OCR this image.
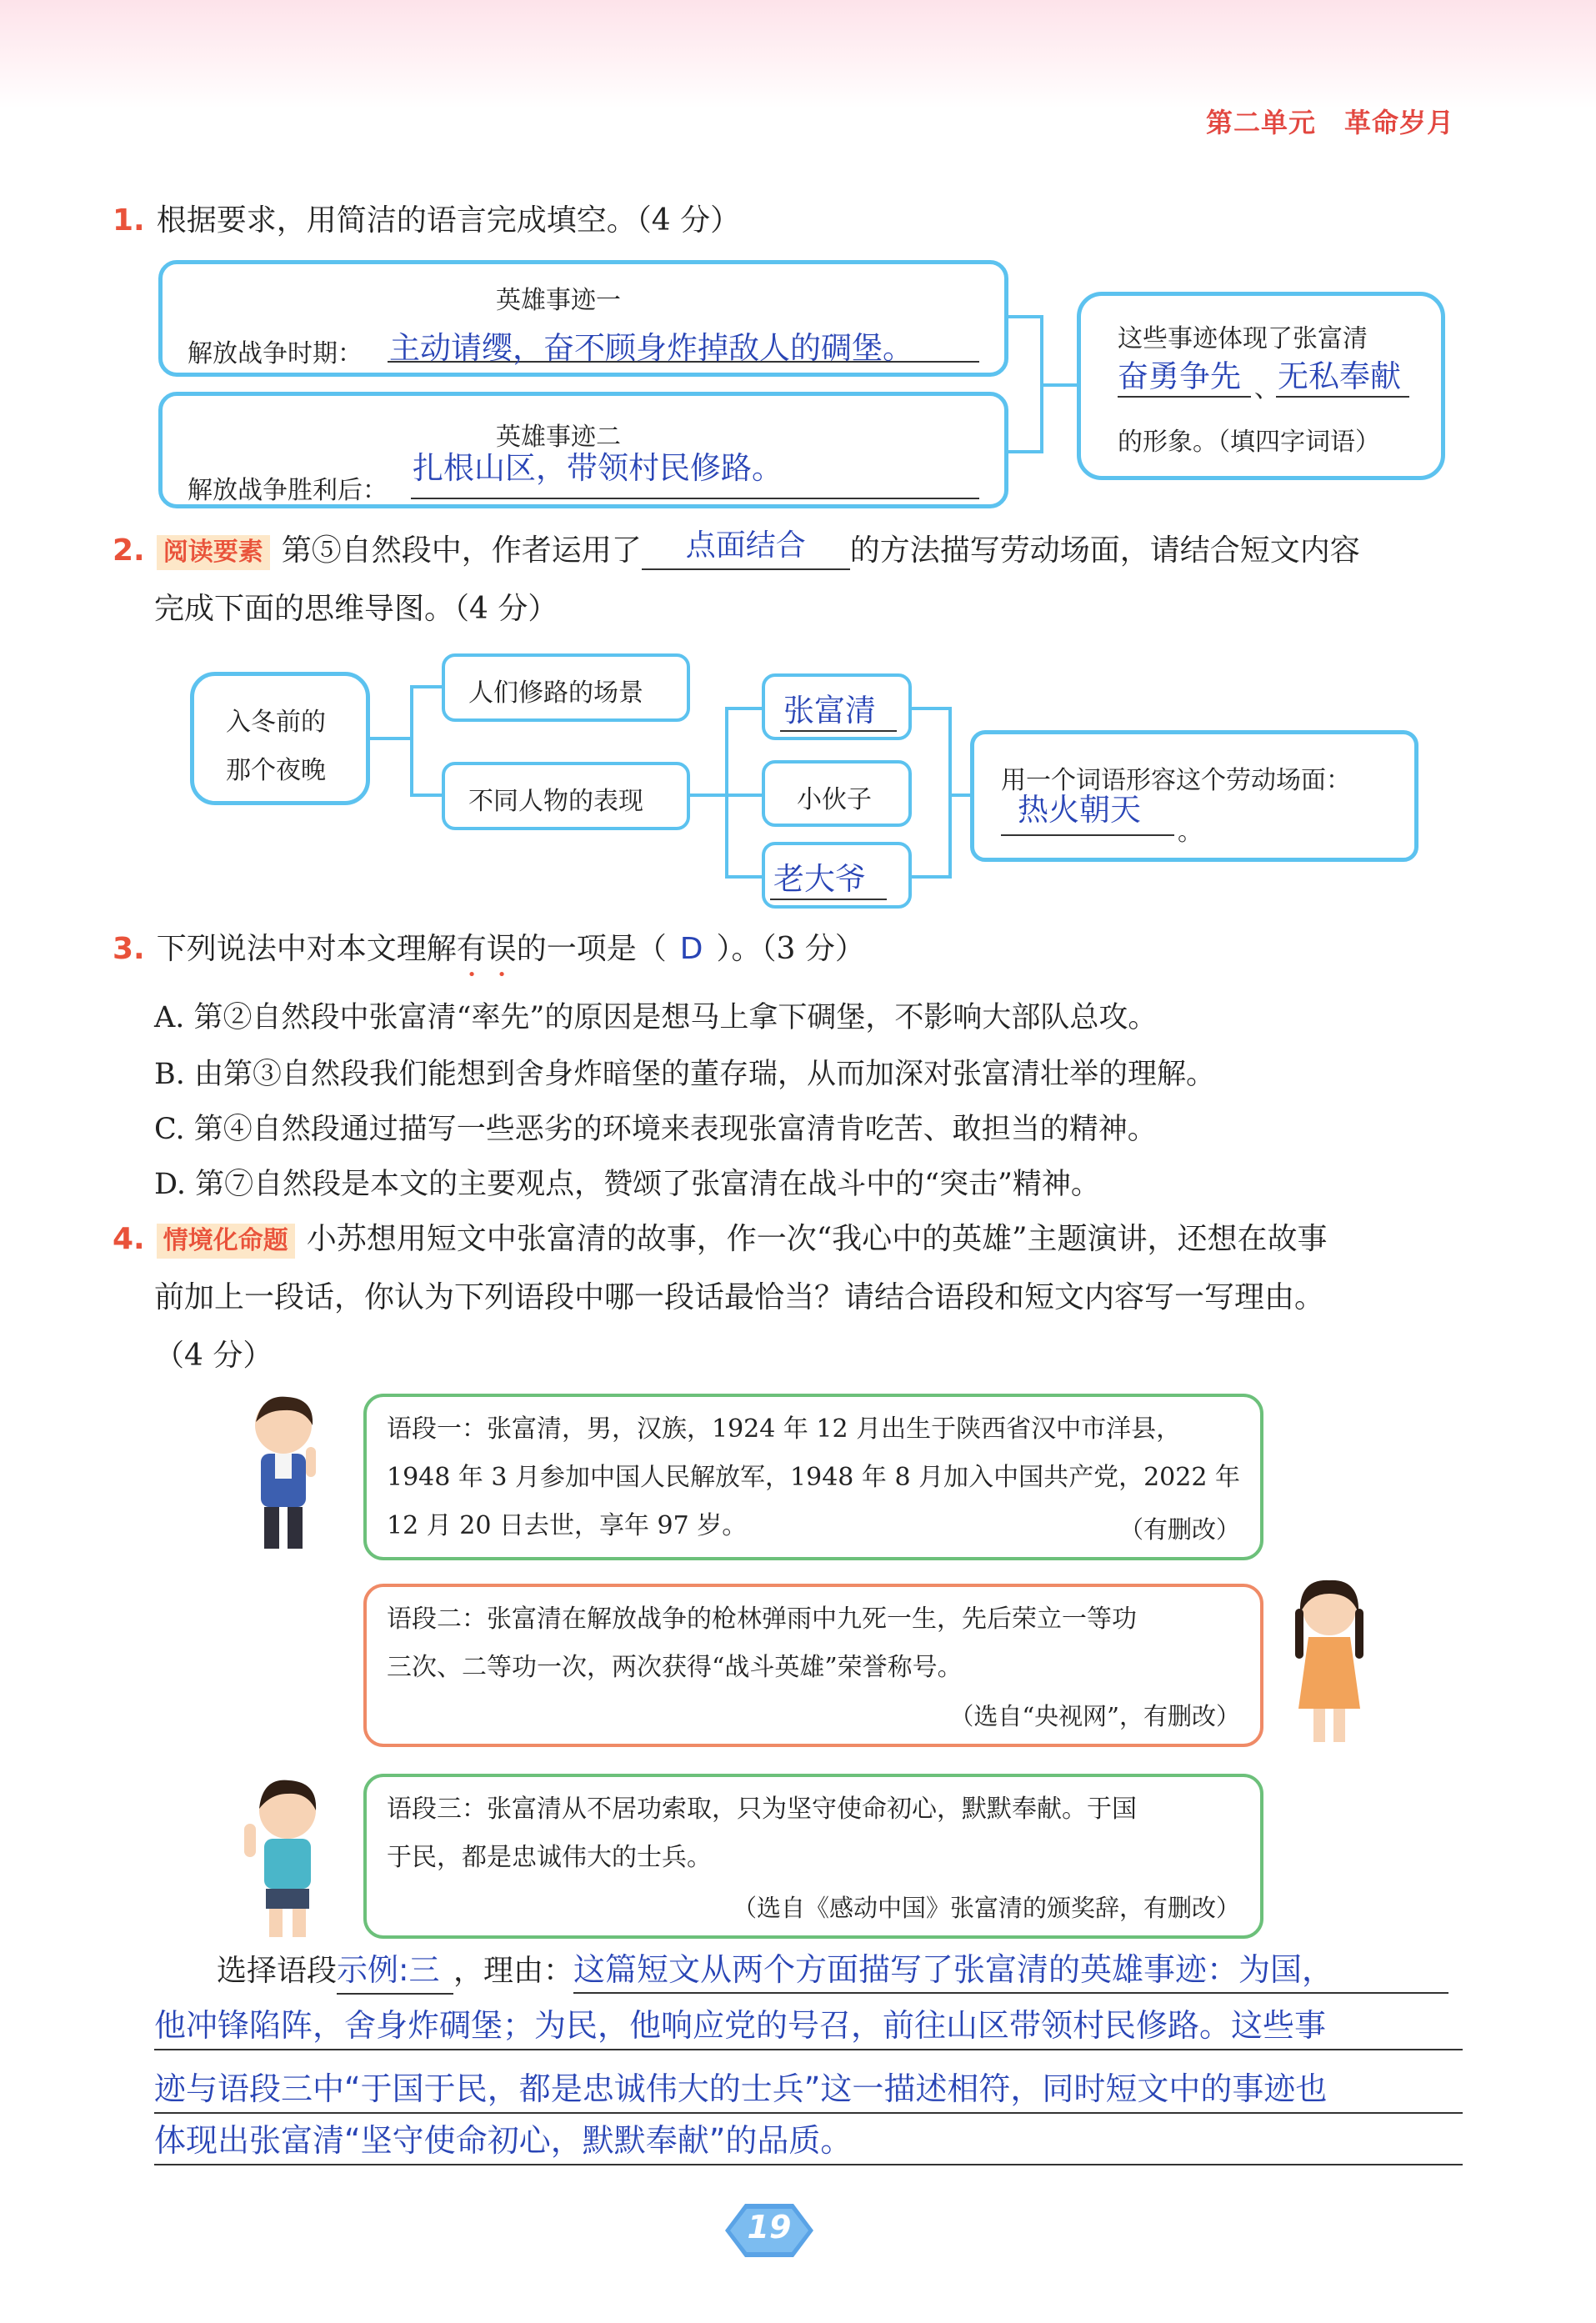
第二单元 革命岁月
1. 根据要求，用简洁的语言完成填空。（4 分）
英雄事迹一
解放战争时期： 主动请缨，奋不顾身炸掉敌人的碉堡。
英雄事迹二
解放战争胜利后：
扎根山区，带领村民修路。
这些事迹体现了张富清
奋勇争先 、
无私奉献
的形象。（填四字词语）
2. 阅读要素 第⑤自然段中，作者运用了 点面结合 的方法描写劳动场面，请结合短文内容
完成下面的思维导图。（4 分）
入冬前的
那个夜晚
人们修路的场景
不同人物的表现
张富清
小伙子
老大爷
用一个词语形容这个劳动场面：
热火朝天
。
3. 下列说法中对本文理解有误的一项是（ D ）。（3 分）
A. 第②自然段中张富清“率先”的原因是想马上拿下碉堡，不影响大部队总攻。
B. 由第③自然段我们能想到舍身炸暗堡的董存瑞，从而加深对张富清壮举的理解。
C. 第④自然段通过描写一些恶劣的环境来表现张富清肯吃苦、敢担当的精神。
D. 第⑦自然段是本文的主要观点，赞颂了张富清在战斗中的“突击”精神。
4. 情境化命题 小苏想用短文中张富清的故事，作一次“我心中的英雄”主题演讲，还想在故事
前加上一段话，你认为下列语段中哪一段话最恰当？请结合语段和短文内容写一写理由。
（4 分）
语段一：张富清，男，汉族，1924 年 12 月出生于陕西省汉中市洋县，
1948 年 3 月参加中国人民解放军，1948 年 8 月加入中国共产党，2022 年
12 月 20 日去世，享年 97 岁。	（有删改）
语段二：张富清在解放战争的枪林弹雨中九死一生，先后荣立一等功
三次、二等功一次，两次获得“战斗英雄”荣誉称号。
（选自“央视网”，有删改）
语段三：张富清从不居功索取，只为坚守使命初心，默默奉献。于国
于民，都是忠诚伟大的士兵。
（选自《感动中国》张富清的颁奖辞，有删改）
选择语段示例:三 ，理由：这篇短文从两个方面描写了张富清的英雄事迹：为国，
他冲锋陷阵，舍身炸碉堡；为民，他响应党的号召，前往山区带领村民修路。这些事
迹与语段三中“于国于民，都是忠诚伟大的士兵”这一描述相符，同时短文中的事迹也
体现出张富清“坚守使命初心，默默奉献”的品质。
19
